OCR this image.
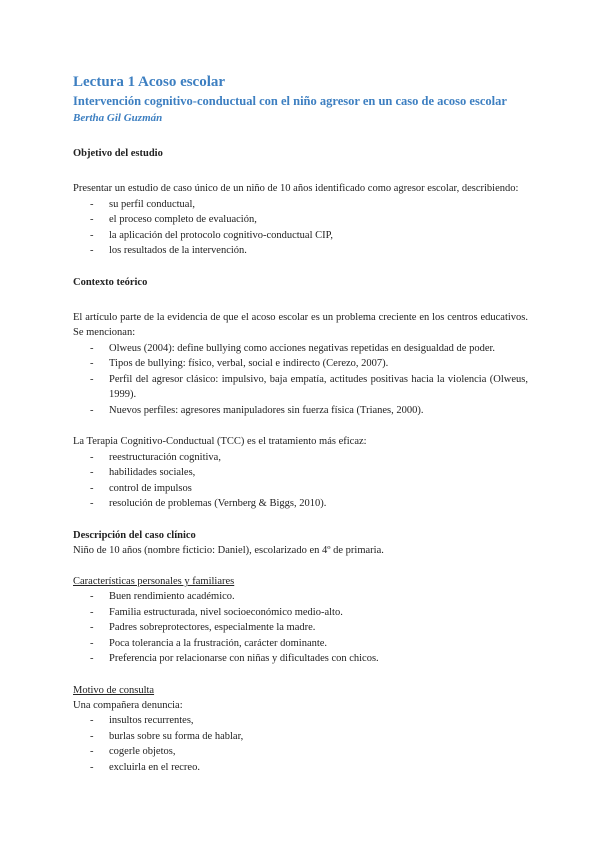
Lectura 1 Acoso escolar
Intervención cognitivo-conductual con el niño agresor en un caso de acoso escolar
Bertha Gil Guzmán
Objetivo del estudio

Presentar un estudio de caso único de un niño de 10 años identificado como agresor escolar, describiendo:

- su perfil conductual,
- el proceso completo de evaluación,
- la aplicación del protocolo cognitivo-conductual CIP,
- los resultados de la intervención.
Contexto teórico

El artículo parte de la evidencia de que el acoso escolar es un problema creciente en los centros educativos. Se mencionan:

- Olweus (2004): define bullying como acciones negativas repetidas en desigualdad de poder.
- Tipos de bullying: físico, verbal, social e indirecto (Cerezo, 2007).
- Perfil del agresor clásico: impulsivo, baja empatía, actitudes positivas hacia la violencia (Olweus, 1999).
- Nuevos perfiles: agresores manipuladores sin fuerza física (Trianes, 2000).

La Terapia Cognitivo-Conductual (TCC) es el tratamiento más eficaz:

- reestructuración cognitiva,
- habilidades sociales,
- control de impulsos
- resolución de problemas (Vernberg & Biggs, 2010).
Descripción del caso clínico

Niño de 10 años (nombre ficticio: Daniel), escolarizado en 4º de primaria.

Características personales y familiares
- Buen rendimiento académico.
- Familia estructurada, nivel socioeconómico medio-alto.
- Padres sobreprotectores, especialmente la madre.
- Poca tolerancia a la frustración, carácter dominante.
- Preferencia por relacionarse con niñas y dificultades con chicos.
Motivo de consulta

Una compañera denuncia:

- insultos recurrentes,
- burlas sobre su forma de hablar,
- cogerle objetos,
- excluirla en el recreo.
